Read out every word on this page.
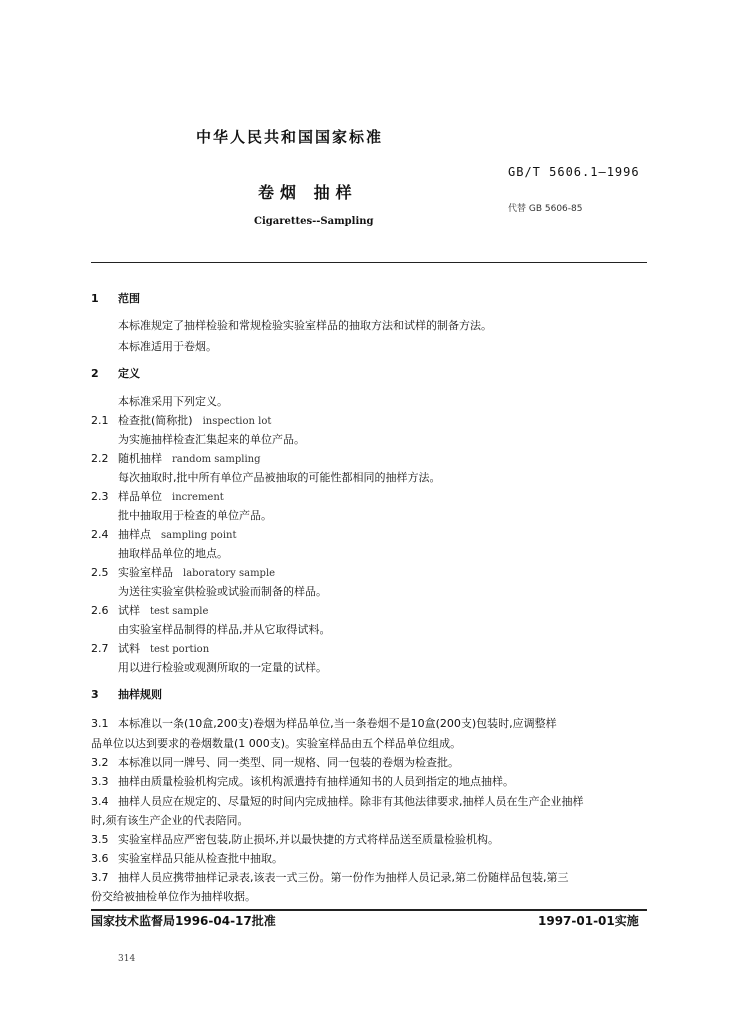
中华人民共和国国家标准
GB/T 5606.1—1996
卷烟 抽样
代替 GB 5606-85
Cigarettes--Sampling
1 范围
本标准规定了抽样检验和常规检验实验室样品的抽取方法和试样的制备方法。
本标准适用于卷烟。
2 定义
本标准采用下列定义。
2.1 检查批(简称批) inspection lot
为实施抽样检查汇集起来的单位产品。
2.2 随机抽样 random sampling
每次抽取时,批中所有单位产品被抽取的可能性都相同的抽样方法。
2.3 样品单位 increment
批中抽取用于检查的单位产品。
2.4 抽样点 sampling point
抽取样品单位的地点。
2.5 实验室样品 laboratory sample
为送往实验室供检验或试验而制备的样品。
2.6 试样 test sample
由实验室样品制得的样品,并从它取得试料。
2.7 试料 test portion
用以进行检验或观测所取的一定量的试样。
3 抽样规则
3.1 本标准以一条(10盒,200支)卷烟为样品单位,当一条卷烟不是10盒(200支)包装时,应调整样
品单位以达到要求的卷烟数量(1 000支)。实验室样品由五个样品单位组成。
3.2 本标准以同一牌号、同一类型、同一规格、同一包装的卷烟为检查批。
3.3 抽样由质量检验机构完成。该机构派遣持有抽样通知书的人员到指定的地点抽样。
3.4 抽样人员应在规定的、尽量短的时间内完成抽样。除非有其他法律要求,抽样人员在生产企业抽样
时,须有该生产企业的代表陪同。
3.5 实验室样品应严密包装,防止损坏,并以最快捷的方式将样品送至质量检验机构。
3.6 实验室样品只能从检查批中抽取。
3.7 抽样人员应携带抽样记录表,该表一式三份。第一份作为抽样人员记录,第二份随样品包装,第三
份交给被抽检单位作为抽样收据。
国家技术监督局1996-04-17批准	1997-01-01实施
314
